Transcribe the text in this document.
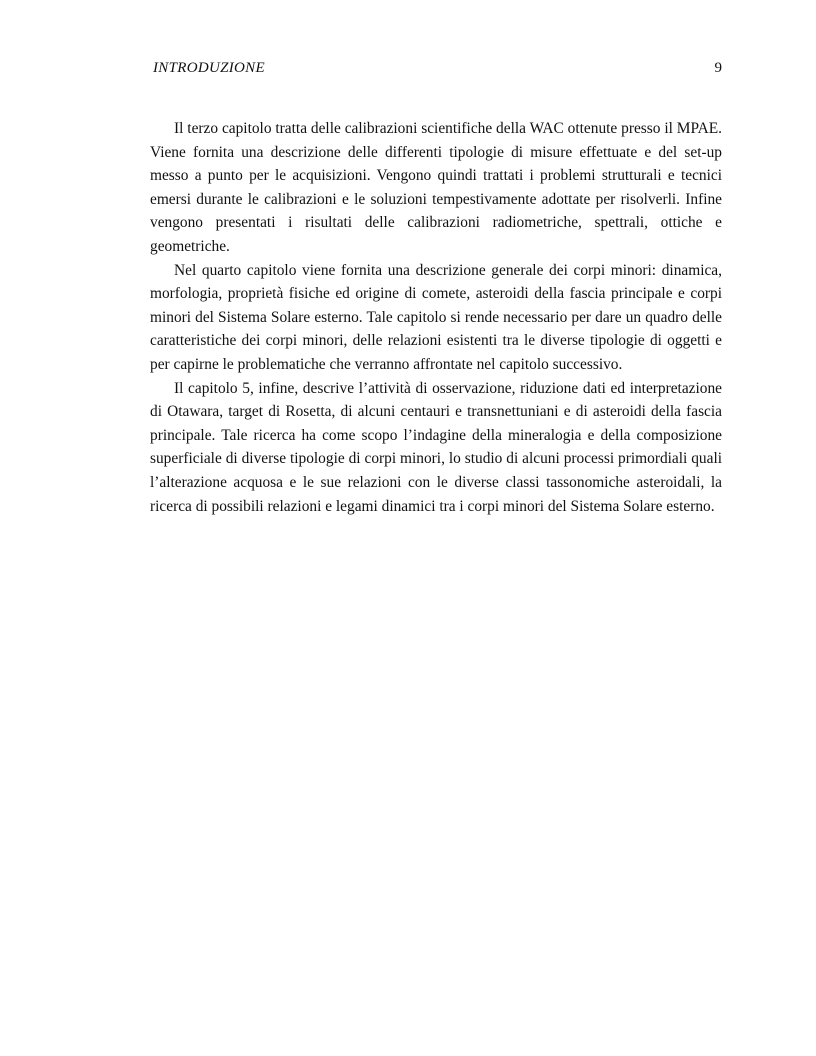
INTRODUZIONE	9

Il terzo capitolo tratta delle calibrazioni scientifiche della WAC ottenute presso il MPAE. Viene fornita una descrizione delle differenti tipologie di misure effettuate e del set-up messo a punto per le acquisizioni. Vengono quindi trattati i problemi strutturali e tecnici emersi durante le calibrazioni e le soluzioni tempestivamente adottate per risolverli. Infine vengono presentati i risultati delle calibrazioni radiometriche, spettrali, ottiche e geometriche.

Nel quarto capitolo viene fornita una descrizione generale dei corpi minori: dinamica, morfologia, proprietà fisiche ed origine di comete, asteroidi della fascia principale e corpi minori del Sistema Solare esterno. Tale capitolo si rende necessario per dare un quadro delle caratteristiche dei corpi minori, delle relazioni esistenti tra le diverse tipologie di oggetti e per capirne le problematiche che verranno affrontate nel capitolo successivo.

Il capitolo 5, infine, descrive l’attività di osservazione, riduzione dati ed interpretazione di Otawara, target di Rosetta, di alcuni centauri e transnettuniani e di asteroidi della fascia principale. Tale ricerca ha come scopo l’indagine della mineralogia e della composizione superficiale di diverse tipologie di corpi minori, lo studio di alcuni processi primordiali quali l’alterazione acquosa e le sue relazioni con le diverse classi tassonomiche asteroidali, la ricerca di possibili relazioni e legami dinamici tra i corpi minori del Sistema Solare esterno.
